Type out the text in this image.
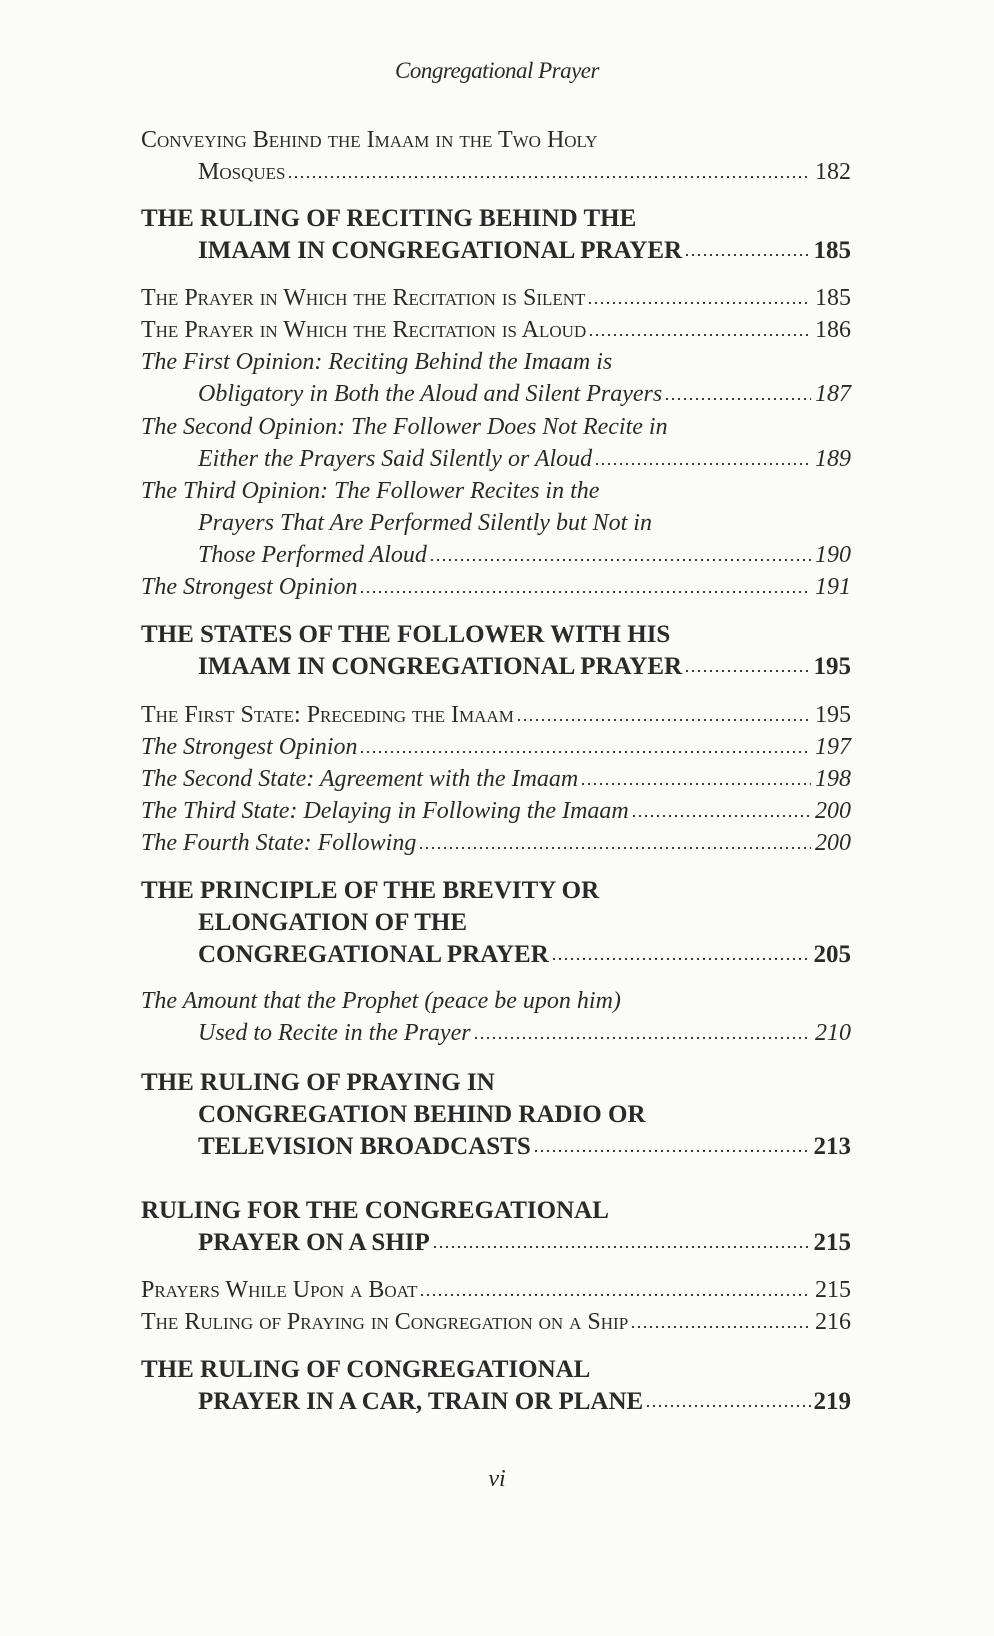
Congregational Prayer
Conveying Behind the Imaam in the Two Holy
Mosques	182
THE RULING OF RECITING BEHIND THE
IMAAM IN CONGREGATIONAL PRAYER	185
The Prayer in Which the Recitation is Silent	185
The Prayer in Which the Recitation is Aloud	186
The First Opinion: Reciting Behind the Imaam is
Obligatory in Both the Aloud and Silent Prayers	187
The Second Opinion: The Follower Does Not Recite in
Either the Prayers Said Silently or Aloud	189
The Third Opinion: The Follower Recites in the
Prayers That Are Performed Silently but Not in
Those Performed Aloud	190
The Strongest Opinion	191
THE STATES OF THE FOLLOWER WITH HIS
IMAAM IN CONGREGATIONAL PRAYER	195
The First State: Preceding the Imaam	195
The Strongest Opinion	197
The Second State: Agreement with the Imaam	198
The Third State: Delaying in Following the Imaam	200
The Fourth State: Following	200
THE PRINCIPLE OF THE BREVITY OR
ELONGATION OF THE
CONGREGATIONAL PRAYER	205
The Amount that the Prophet (peace be upon him)
Used to Recite in the Prayer	210
THE RULING OF PRAYING IN
CONGREGATION BEHIND RADIO OR
TELEVISION BROADCASTS	213
RULING FOR THE CONGREGATIONAL
PRAYER ON A SHIP	215
Prayers While Upon a Boat	215
The Ruling of Praying in Congregation on a Ship	216
THE RULING OF CONGREGATIONAL
PRAYER IN A CAR, TRAIN OR PLANE	219
vi
